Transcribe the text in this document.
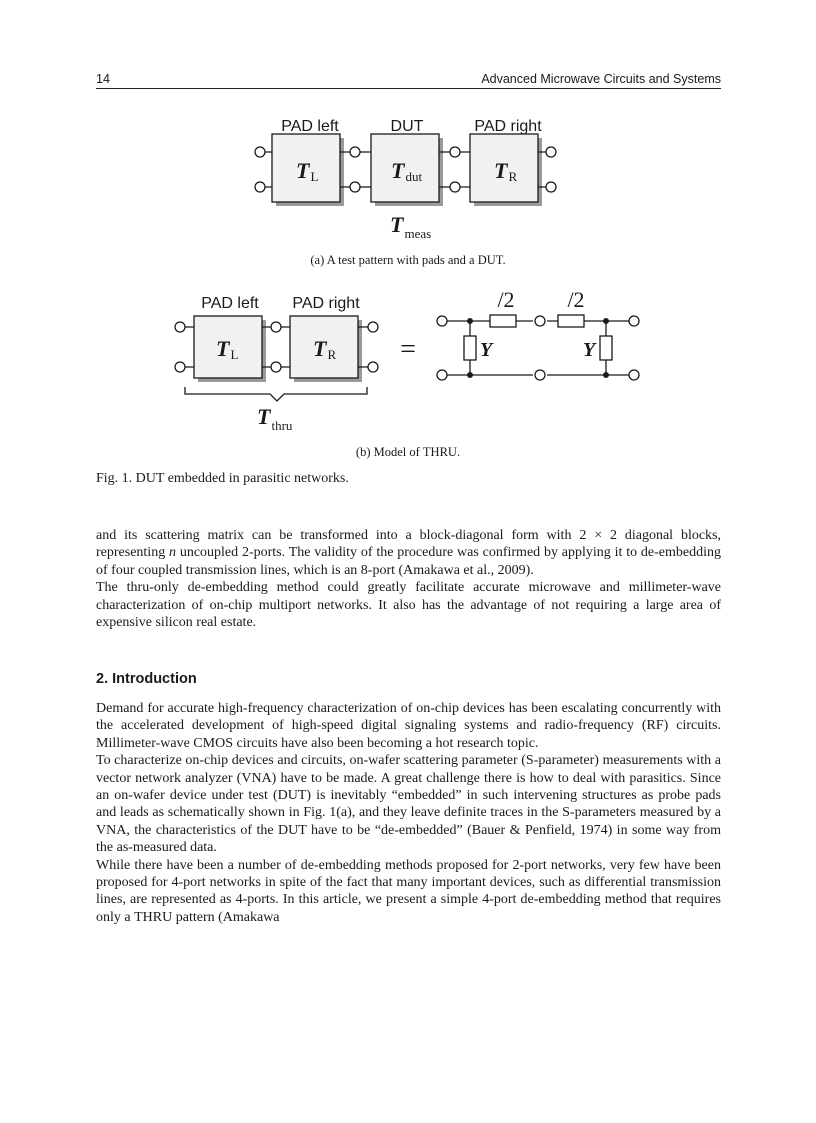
14	Advanced Microwave Circuits and Systems
PAD left	DUT	PAD right
TL	Tdut	TR
$T_{meas}$
PAD left PAD right
TL	TR
$T_{thru}$
=
/2 /2
Y	Y
(a) A test pattern with pads and a DUT.
(b) Model of THRU.
Fig. 1. DUT embedded in parasitic networks.

and its scattering matrix can be transformed into a block-diagonal form with 2 × 2 diagonal blocks, representing n uncoupled 2-ports. The validity of the procedure was confirmed by applying it to de-embedding of four coupled transmission lines, which is an 8-port (Amakawa et al., 2009).

The thru-only de-embedding method could greatly facilitate accurate microwave and millimeter-wave characterization of on-chip multiport networks. It also has the advantage of not requiring a large area of expensive silicon real estate.

2. Introduction

Demand for accurate high-frequency characterization of on-chip devices has been escalating concurrently with the accelerated development of high-speed digital signaling systems and radio-frequency (RF) circuits. Millimeter-wave CMOS circuits have also been becoming a hot research topic.

To characterize on-chip devices and circuits, on-wafer scattering parameter (S-parameter) measurements with a vector network analyzer (VNA) have to be made. A great challenge there is how to deal with parasitics. Since an on-wafer device under test (DUT) is inevitably “embedded” in such intervening structures as probe pads and leads as schematically shown in Fig. 1(a), and they leave definite traces in the S-parameters measured by a VNA, the characteristics of the DUT have to be “de-embedded” (Bauer & Penfield, 1974) in some way from the as-measured data.

While there have been a number of de-embedding methods proposed for 2-port networks, very few have been proposed for 4-port networks in spite of the fact that many important devices, such as differential transmission lines, are represented as 4-ports. In this article, we present a simple 4-port de-embedding method that requires only a THRU pattern (Amakawa
